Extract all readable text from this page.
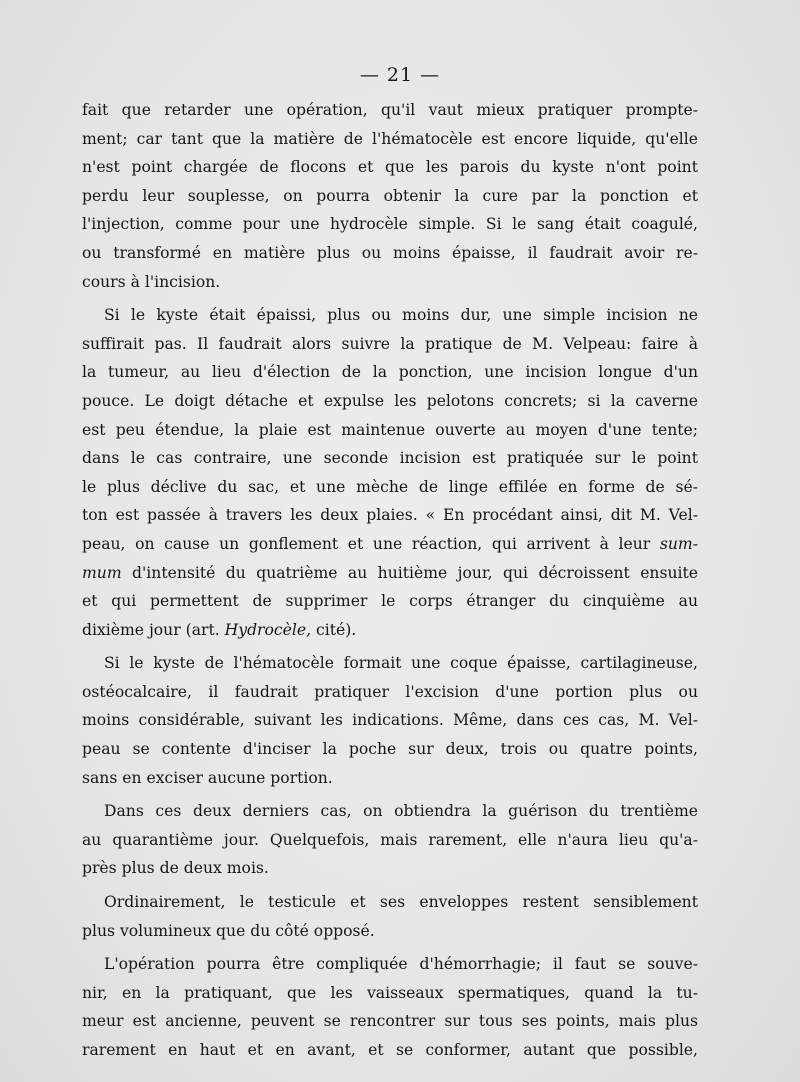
— 21 —
fait que retarder une opération, qu'il vaut mieux pratiquer prompte-
ment; car tant que la matière de l'hématocèle est encore liquide, qu'elle
n'est point chargée de flocons et que les parois du kyste n'ont point
perdu leur souplesse, on pourra obtenir la cure par la ponction et
l'injection, comme pour une hydrocèle simple. Si le sang était coagulé,
ou transformé en matière plus ou moins épaisse, il faudrait avoir re-
cours à l'incision.
Si le kyste était épaissi, plus ou moins dur, une simple incision ne
suffirait pas. Il faudrait alors suivre la pratique de M. Velpeau: faire à
la tumeur, au lieu d'élection de la ponction, une incision longue d'un
pouce. Le doigt détache et expulse les pelotons concrets; si la caverne
est peu étendue, la plaie est maintenue ouverte au moyen d'une tente;
dans le cas contraire, une seconde incision est pratiquée sur le point
le plus déclive du sac, et une mèche de linge effilée en forme de sé-
ton est passée à travers les deux plaies. « En procédant ainsi, dit M. Vel-
peau, on cause un gonflement et une réaction, qui arrivent à leur sum-
mum d'intensité du quatrième au huitième jour, qui décroissent ensuite
et qui permettent de supprimer le corps étranger du cinquième au
dixième jour (art. Hydrocèle, cité).
Si le kyste de l'hématocèle formait une coque épaisse, cartilagineuse,
ostéocalcaire, il faudrait pratiquer l'excision d'une portion plus ou
moins considérable, suivant les indications. Même, dans ces cas, M. Vel-
peau se contente d'inciser la poche sur deux, trois ou quatre points,
sans en exciser aucune portion.
Dans ces deux derniers cas, on obtiendra la guérison du trentième
au quarantième jour. Quelquefois, mais rarement, elle n'aura lieu qu'a-
près plus de deux mois.
Ordinairement, le testicule et ses enveloppes restent sensiblement
plus volumineux que du côté opposé.
L'opération pourra être compliquée d'hémorrhagie; il faut se souve-
nir, en la pratiquant, que les vaisseaux spermatiques, quand la tu-
meur est ancienne, peuvent se rencontrer sur tous ses points, mais plus
rarement en haut et en avant, et se conformer, autant que possible,
